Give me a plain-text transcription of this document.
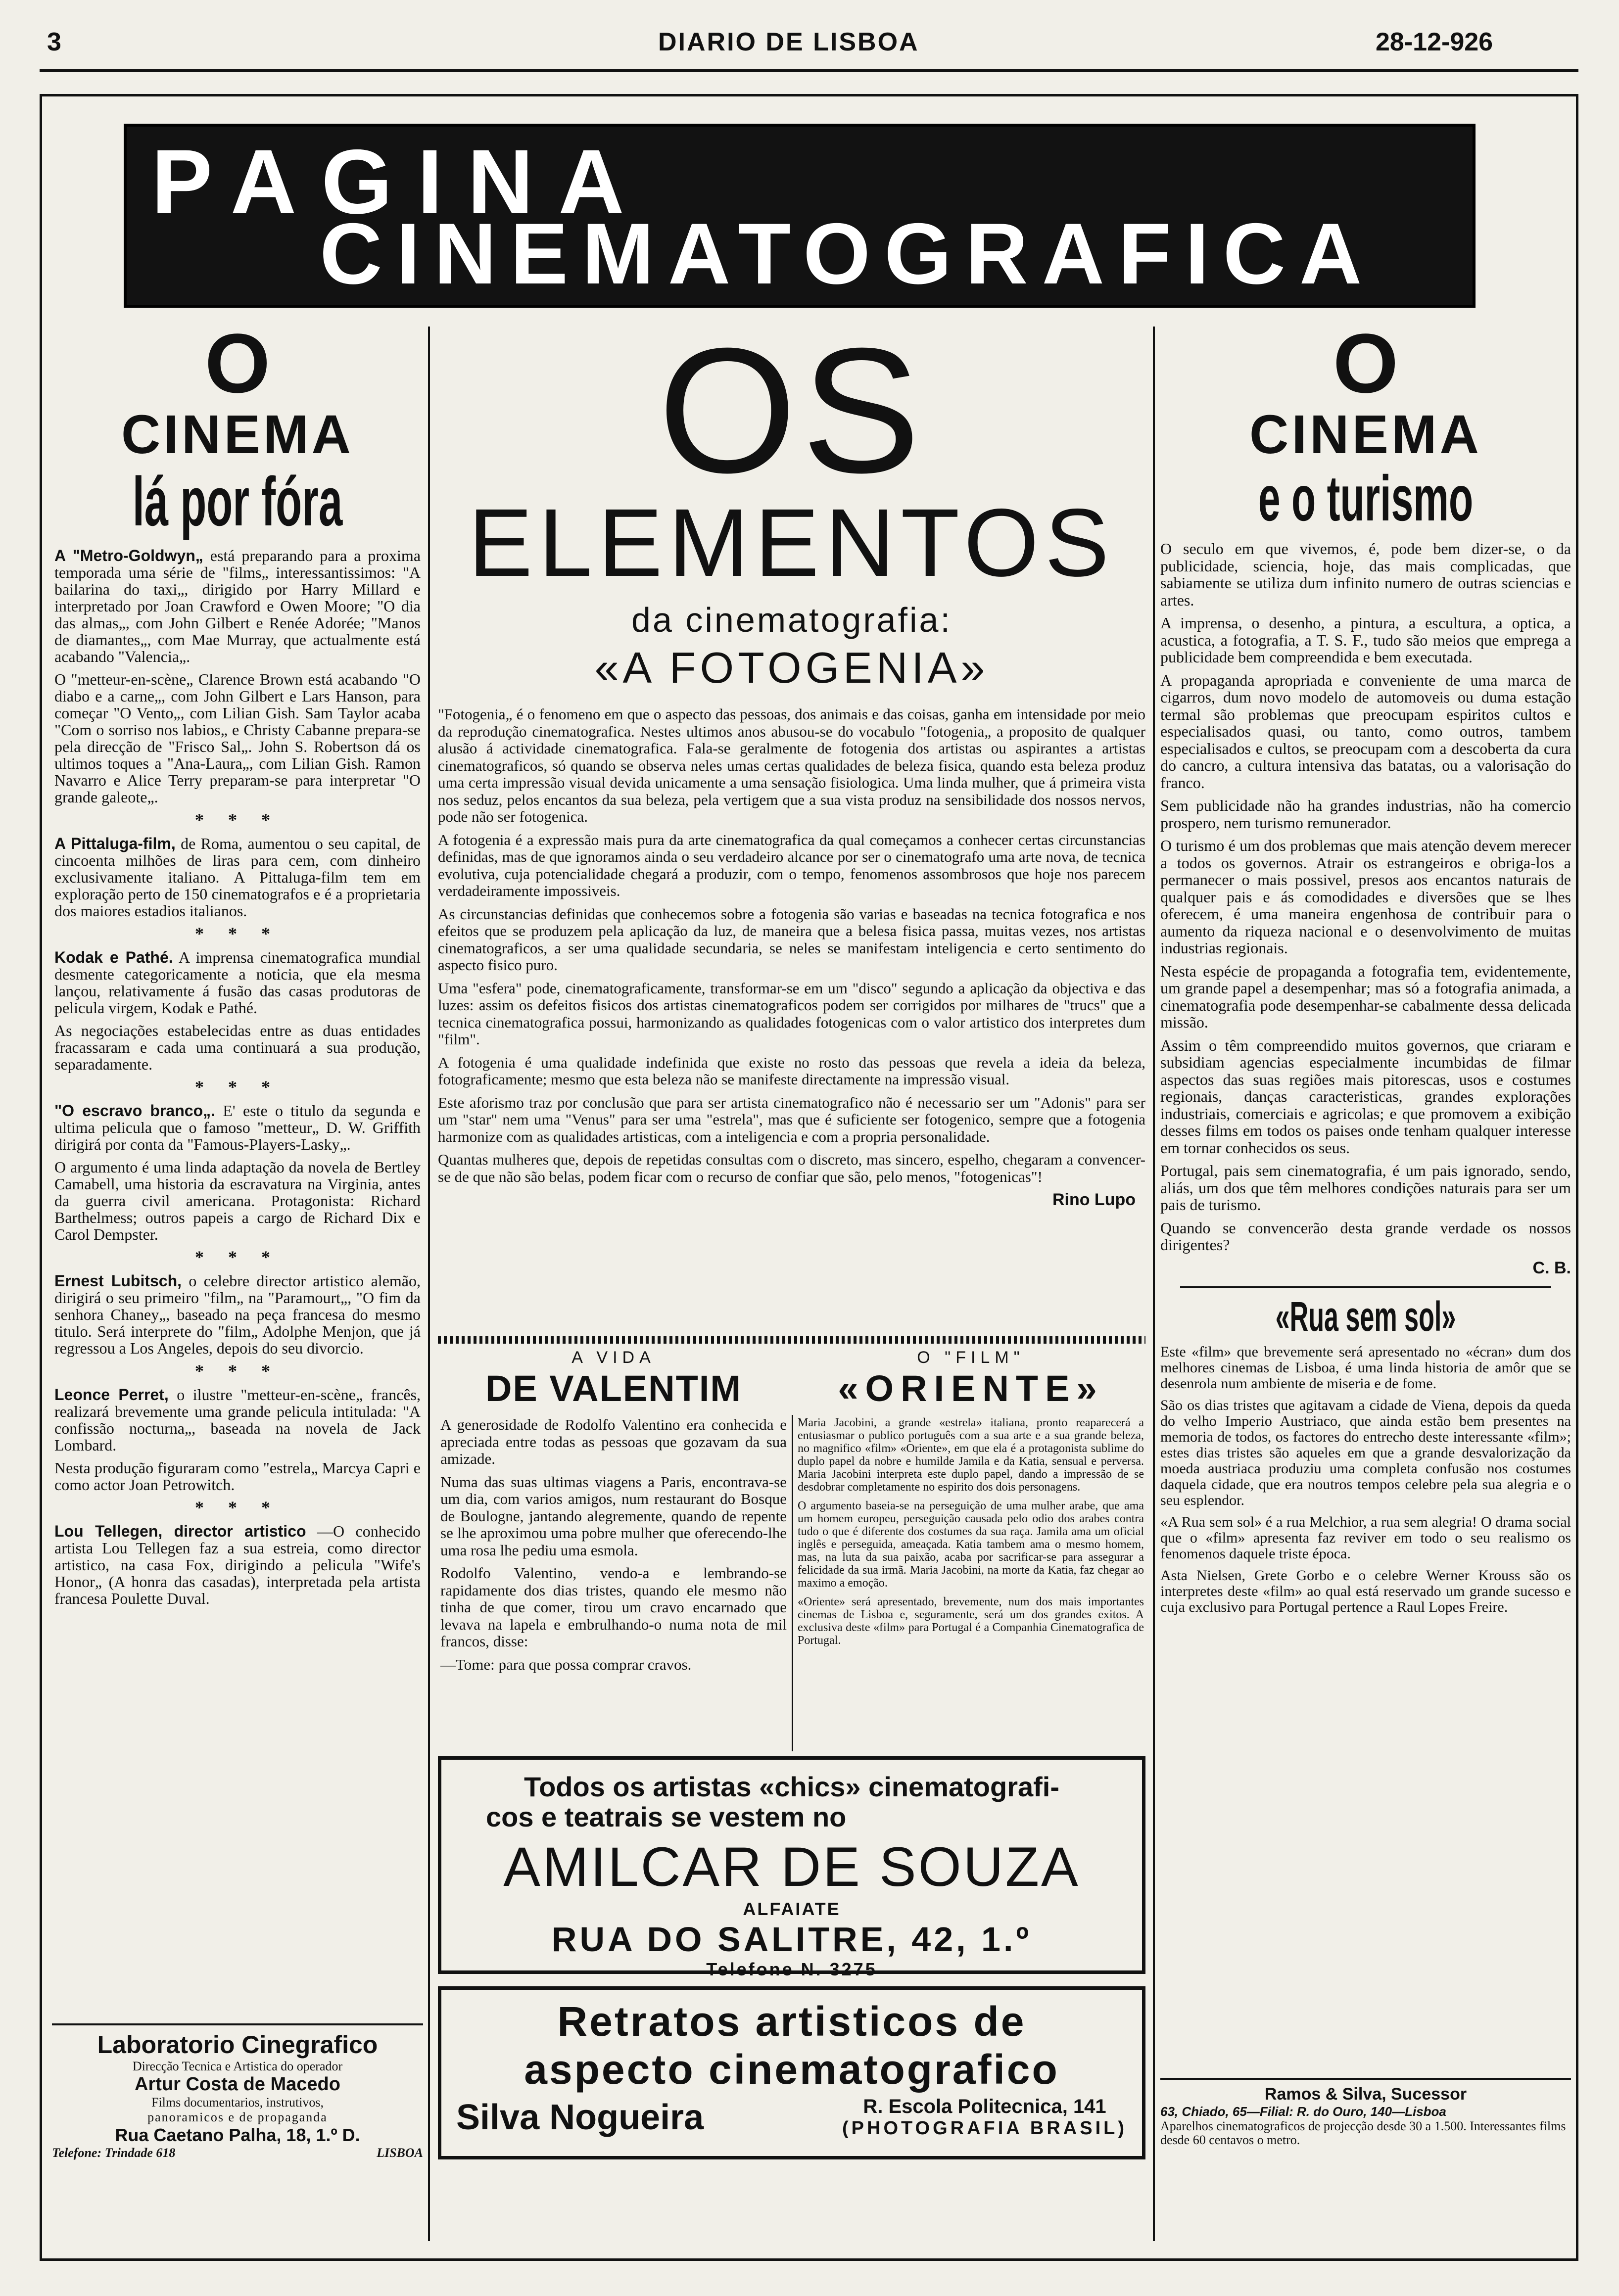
3	DIARIO DE LISBOA	28-12-926
PAGINA
CINEMATOGRAFICA
O
CINEMA
lá por fóra

A "Metro-Goldwyn„ está preparando para a proxima temporada uma série de "films„ interessantissimos: "A bailarina do taxi„, dirigido por Harry Millard e interpretado por Joan Crawford e Owen Moore; "O dia das almas„, com John Gilbert e Renée Adorée; "Manos de diamantes„, com Mae Murray, que actualmente está acabando "Valencia„.

O "metteur-en-scène„ Clarence Brown está acabando "O diabo e a carne„, com John Gilbert e Lars Hanson, para começar "O Vento„, com Lilian Gish. Sam Taylor acaba "Com o sorriso nos labios„ e Christy Cabanne prepara-se pela direcção de "Frisco Sal„. John S. Robertson dá os ultimos toques a "Ana-Laura„, com Lilian Gish. Ramon Navarro e Alice Terry preparam-se para interpretar "O grande galeote„.

* * *

A Pittaluga-film, de Roma, aumentou o seu capital, de cincoenta milhões de liras para cem, com dinheiro exclusivamente italiano. A Pittaluga-film tem em exploração perto de 150 cinematografos e é a proprietaria dos maiores estadios italianos.

* * *

Kodak e Pathé. A imprensa cinematografica mundial desmente categoricamente a noticia, que ela mesma lançou, relativamente á fusão das casas produtoras de pelicula virgem, Kodak e Pathé.

As negociações estabelecidas entre as duas entidades fracassaram e cada uma continuará a sua produção, separadamente.

* * *

"O escravo branco„. E' este o titulo da segunda e ultima pelicula que o famoso "metteur„ D. W. Griffith dirigirá por conta da "Famous-Players-Lasky„.

O argumento é uma linda adaptação da novela de Bertley Camabell, uma historia da escravatura na Virginia, antes da guerra civil americana. Protagonista: Richard Barthelmess; outros papeis a cargo de Richard Dix e Carol Dempster.

* * *

Ernest Lubitsch, o celebre director artistico alemão, dirigirá o seu primeiro "film„ na "Paramourt„, "O fim da senhora Chaney„, baseado na peça francesa do mesmo titulo. Será interprete do "film„ Adolphe Menjon, que já regressou a Los Angeles, depois do seu divorcio.

* * *

Leonce Perret, o ilustre "metteur-en-scène„ francês, realizará brevemente uma grande pelicula intitulada: "A confissão nocturna„, baseada na novela de Jack Lombard.

Nesta produção figuraram como "estrela„ Marcya Capri e como actor Joan Petrowitch.

* * *

Lou Tellegen, director artistico —O conhecido artista Lou Tellegen faz a sua estreia, como director artistico, na casa Fox, dirigindo a pelicula "Wife's Honor„ (A honra das casadas), interpretada pela artista francesa Poulette Duval.

Laboratorio Cinegrafico
Direcção Tecnica e Artistica do operador
Artur Costa de Macedo
Films documentarios, instrutivos,
panoramicos e de propaganda
Rua Caetano Palha, 18, 1.º D.
Telefone: Trindade 618	LISBOA
OS
ELEMENTOS
da cinematografia:
«A FOTOGENIA»

"Fotogenia„ é o fenomeno em que o aspecto das pessoas, dos animais e das coisas, ganha em intensidade por meio da reprodução cinematografica. Nestes ultimos anos abusou-se do vocabulo "fotogenia„ a proposito de qualquer alusão á actividade cinematografica. Fala-se geralmente de fotogenia dos artistas ou aspirantes a artistas cinematograficos, só quando se observa neles umas certas qualidades de beleza fisica, quando esta beleza produz uma certa impressão visual devida unicamente a uma sensação fisiologica. Uma linda mulher, que á primeira vista nos seduz, pelos encantos da sua beleza, pela vertigem que a sua vista produz na sensibilidade dos nossos nervos, pode não ser fotogenica.

A fotogenia é a expressão mais pura da arte cinematografica da qual começamos a conhecer certas circunstancias definidas, mas de que ignoramos ainda o seu verdadeiro alcance por ser o cinematografo uma arte nova, de tecnica evolutiva, cuja potencialidade chegará a produzir, com o tempo, fenomenos assombrosos que hoje nos parecem verdadeiramente impossiveis.

As circunstancias definidas que conhecemos sobre a fotogenia são varias e baseadas na tecnica fotografica e nos efeitos que se produzem pela aplicação da luz, de maneira que a belesa fisica passa, muitas vezes, nos artistas cinematograficos, a ser uma qualidade secundaria, se neles se manifestam inteligencia e certo sentimento do aspecto fisico puro.

Uma "esfera" pode, cinematograficamente, transformar-se em um "disco" segundo a aplicação da objectiva e das luzes: assim os defeitos fisicos dos artistas cinematograficos podem ser corrigidos por milhares de "trucs" que a tecnica cinematografica possui, harmonizando as qualidades fotogenicas com o valor artistico dos interpretes dum "film".

A fotogenia é uma qualidade indefinida que existe no rosto das pessoas que revela a ideia da beleza, fotograficamente; mesmo que esta beleza não se manifeste directamente na impressão visual.

Este aforismo traz por conclusão que para ser artista cinematografico não é necessario ser um "Adonis" para ser um "star" nem uma "Venus" para ser uma "estrela", mas que é suficiente ser fotogenico, sempre que a fotogenia harmonize com as qualidades artisticas, com a inteligencia e com a propria personalidade.

Quantas mulheres que, depois de repetidas consultas com o discreto, mas sincero, espelho, chegaram a convencer-se de que não são belas, podem ficar com o recurso de confiar que são, pelo menos, "fotogenicas"!

Rino Lupo
A VIDA
DE VALENTIM

A generosidade de Rodolfo Valentino era conhecida e apreciada entre todas as pessoas que gozavam da sua amizade.

Numa das suas ultimas viagens a Paris, encontrava-se um dia, com varios amigos, num restaurant do Bosque de Boulogne, jantando alegremente, quando de repente se lhe aproximou uma pobre mulher que oferecendo-lhe uma rosa lhe pediu uma esmola.

Rodolfo Valentino, vendo-a e lembrando-se rapidamente dos dias tristes, quando ele mesmo não tinha de que comer, tirou um cravo encarnado que levava na lapela e embrulhando-o numa nota de mil francos, disse:

—Tome: para que possa comprar cravos.

O "FILM"
«ORIENTE»

Maria Jacobini, a grande «estrela» italiana, pronto reaparecerá a entusiasmar o publico português com a sua arte e a sua grande beleza, no magnifico «film» «Oriente», em que ela é a protagonista sublime do duplo papel da nobre e humilde Jamila e da Katia, sensual e perversa. Maria Jacobini interpreta este duplo papel, dando a impressão de se desdobrar completamente no espirito dos dois personagens.

O argumento baseia-se na perseguição de uma mulher arabe, que ama um homem europeu, perseguição causada pelo odio dos arabes contra tudo o que é diferente dos costumes da sua raça. Jamila ama um oficial inglês e perseguida, ameaçada. Katia tambem ama o mesmo homem, mas, na luta da sua paixão, acaba por sacrificar-se para assegurar a felicidade da sua irmã. Maria Jacobini, na morte da Katia, faz chegar ao maximo a emoção.

«Oriente» será apresentado, brevemente, num dos mais importantes cinemas de Lisboa e, seguramente, será um dos grandes exitos. A exclusiva deste «film» para Portugal é a Companhia Cinematografica de Portugal.

Todos os artistas «chics» cinematografi-
cos e teatrais se vestem no
AMILCAR DE SOUZA
ALFAIATE
RUA DO SALITRE, 42, 1.º
Telefone N. 3275
Retratos artisticos de
aspecto cinematografico
Silva Nogueira	R. Escola Politecnica, 141
(PHOTOGRAFIA BRASIL)
O
CINEMA
e o turismo

O seculo em que vivemos, é, pode bem dizer-se, o da publicidade, sciencia, hoje, das mais complicadas, que sabiamente se utiliza dum infinito numero de outras sciencias e artes.

A imprensa, o desenho, a pintura, a escultura, a optica, a acustica, a fotografia, a T. S. F., tudo são meios que emprega a publicidade bem compreendida e bem executada.

A propaganda apropriada e conveniente de uma marca de cigarros, dum novo modelo de automoveis ou duma estação termal são problemas que preocupam espiritos cultos e especialisados quasi, ou tanto, como outros, tambem especialisados e cultos, se preocupam com a descoberta da cura do cancro, a cultura intensiva das batatas, ou a valorisação do franco.

Sem publicidade não ha grandes industrias, não ha comercio prospero, nem turismo remunerador.

O turismo é um dos problemas que mais atenção devem merecer a todos os governos. Atrair os estrangeiros e obriga-los a permanecer o mais possivel, presos aos encantos naturais de qualquer pais e ás comodidades e diversões que se lhes oferecem, é uma maneira engenhosa de contribuir para o aumento da riqueza nacional e o desenvolvimento de muitas industrias regionais.

Nesta espécie de propaganda a fotografia tem, evidentemente, um grande papel a desempenhar; mas só a fotografia animada, a cinematografia pode desempenhar-se cabalmente dessa delicada missão.

Assim o têm compreendido muitos governos, que criaram e subsidiam agencias especialmente incumbidas de filmar aspectos das suas regiões mais pitorescas, usos e costumes regionais, danças caracteristicas, grandes explorações industriais, comerciais e agricolas; e que promovem a exibição desses films em todos os paises onde tenham qualquer interesse em tornar conhecidos os seus.

Portugal, pais sem cinematografia, é um pais ignorado, sendo, aliás, um dos que têm melhores condições naturais para ser um pais de turismo.

Quando se convencerão desta grande verdade os nossos dirigentes?

C. B.
«Rua sem sol»

Este «film» que brevemente será apresentado no «écran» dum dos melhores cinemas de Lisboa, é uma linda historia de amôr que se desenrola num ambiente de miseria e de fome.

São os dias tristes que agitavam a cidade de Viena, depois da queda do velho Imperio Austriaco, que ainda estão bem presentes na memoria de todos, os factores do entrecho deste interessante «film»; estes dias tristes são aqueles em que a grande desvalorização da moeda austriaca produziu uma completa confusão nos costumes daquela cidade, que era noutros tempos celebre pela sua alegria e o seu esplendor.

«A Rua sem sol» é a rua Melchior, a rua sem alegria! O drama social que o «film» apresenta faz reviver em todo o seu realismo os fenomenos daquele triste época.

Asta Nielsen, Grete Gorbo e o celebre Werner Krouss são os interpretes deste «film» ao qual está reservado um grande sucesso e cuja exclusivo para Portugal pertence a Raul Lopes Freire.

Ramos & Silva, Sucessor
63, Chiado, 65—Filial: R. do Ouro, 140—Lisboa
Aparelhos cinematograficos de projecção desde 30 a 1.500. Interessantes films desde 60 centavos o metro.
